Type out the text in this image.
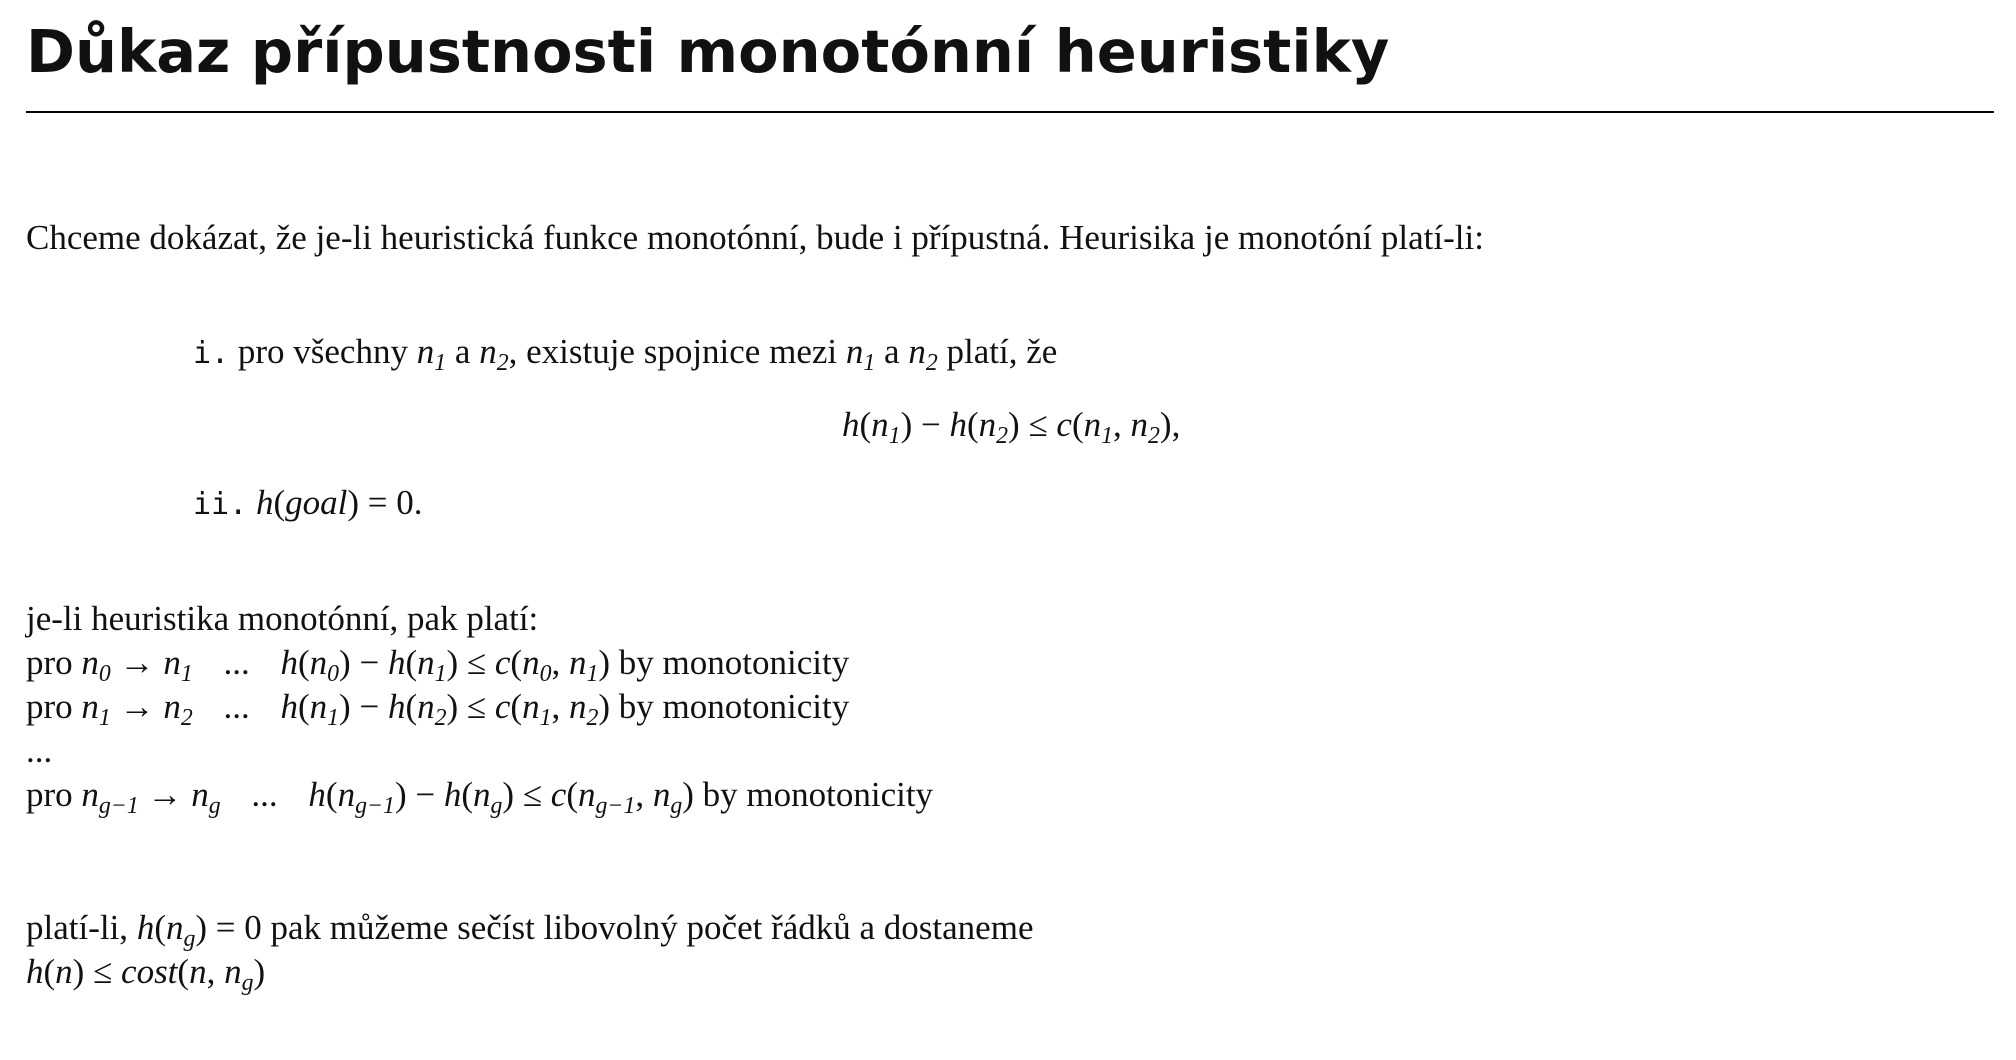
Důkaz přípustnosti monotónní heuristiky

Chceme dokázat, že je-li heuristická funkce monotónní, bude i přípustná. Heurisika je monotóní platí-li:

i. pro všechny $n_1$ a $n_2$, existuje spojnice mezi $n_1$ a $n_2$ platí, že

$h(n_1) - h(n_2) \le c(n_1$, $n_2$),

ii. h(goal) = 0.

je-li heuristika monotónní, pak platí:

pro $n_0 \to n_1$ ... $h(n_0) - h(n_1) \le c(n_0$, $n_1$) by monotonicity

pro $n_1 \to n_2$ ... $h(n_1) - h(n_2) \le c(n_1$, $n_2$) by monotonicity

...

pro $n_{g-1} \to n_g$ ... $h(n_{g-1}) - h(n_g) \le c(n_{g-1}$, $n_g$) by monotonicity

platí-li, $h(n_g) = 0$ pak můžeme sečíst libovolný počet řádků a dostaneme

h(n) ≤ cost(n, $n_g$)
